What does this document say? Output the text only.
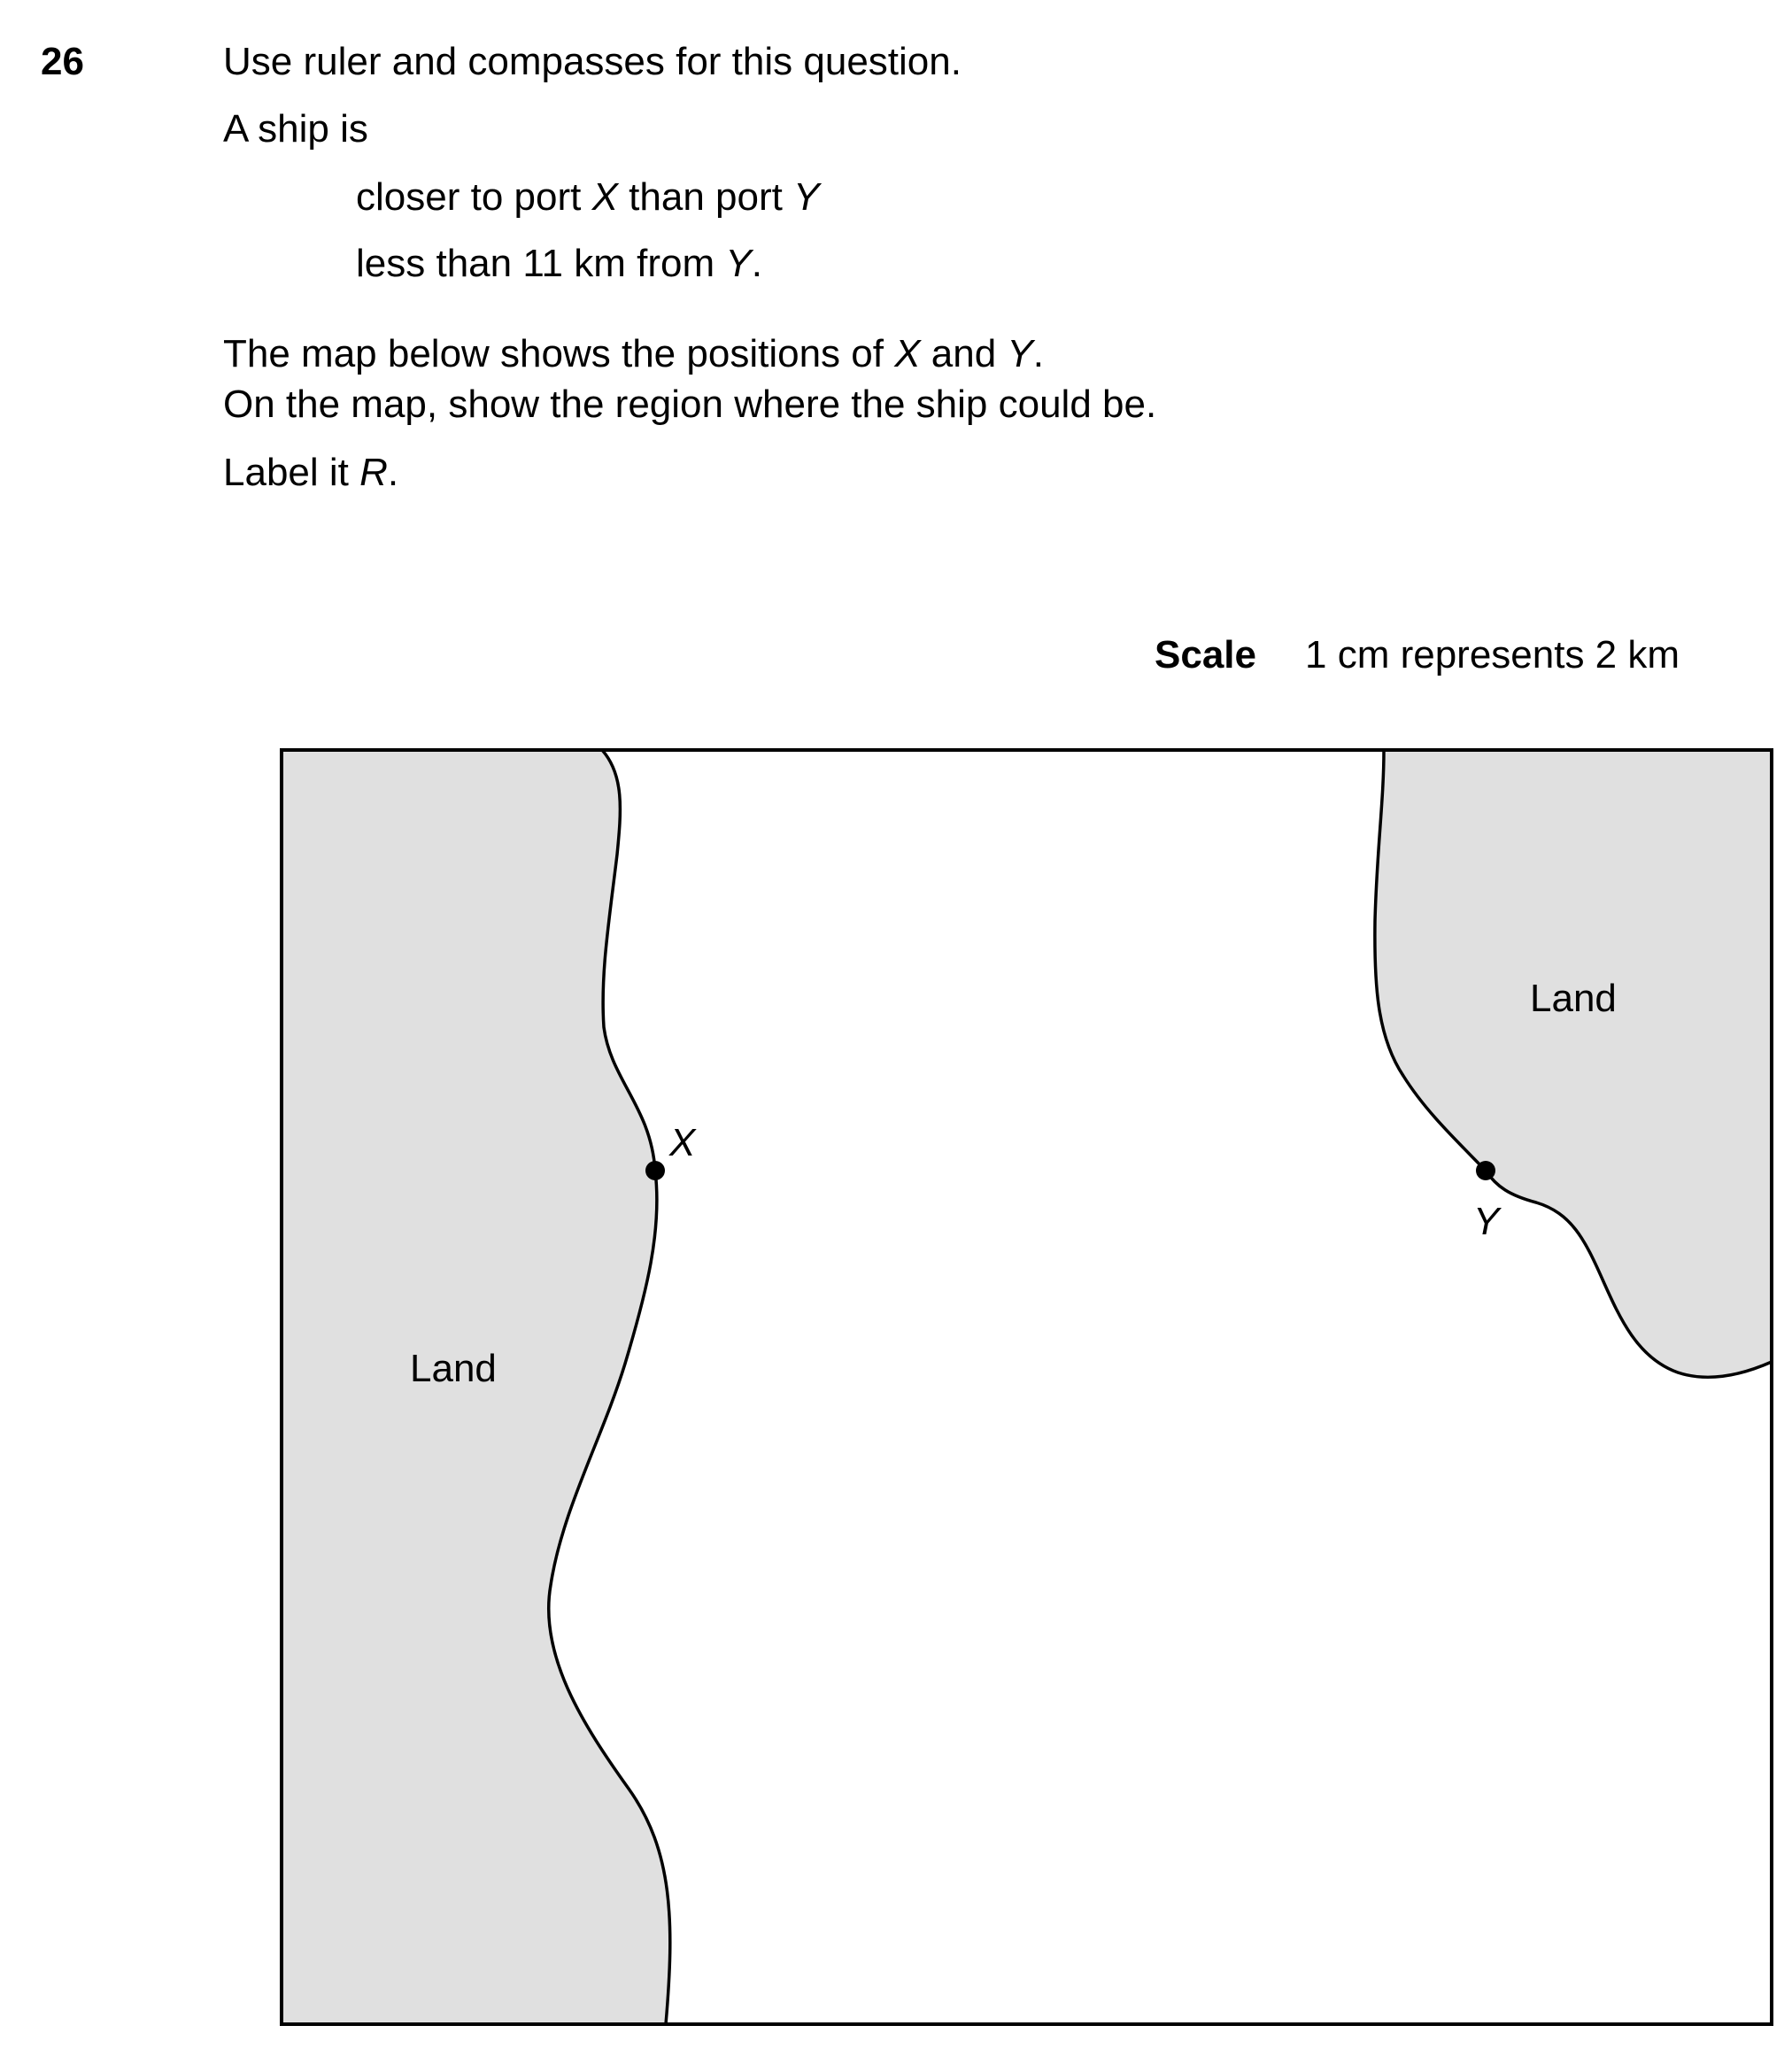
26	Use ruler and compasses for this question.
A ship is
closer to port X than port Y
less than 11 km from Y.
The map below shows the positions of X and Y.
On the map, show the region where the ship could be.
Label it R.
Scale 1 cm represents 2 km
X
Y
Land
Land
